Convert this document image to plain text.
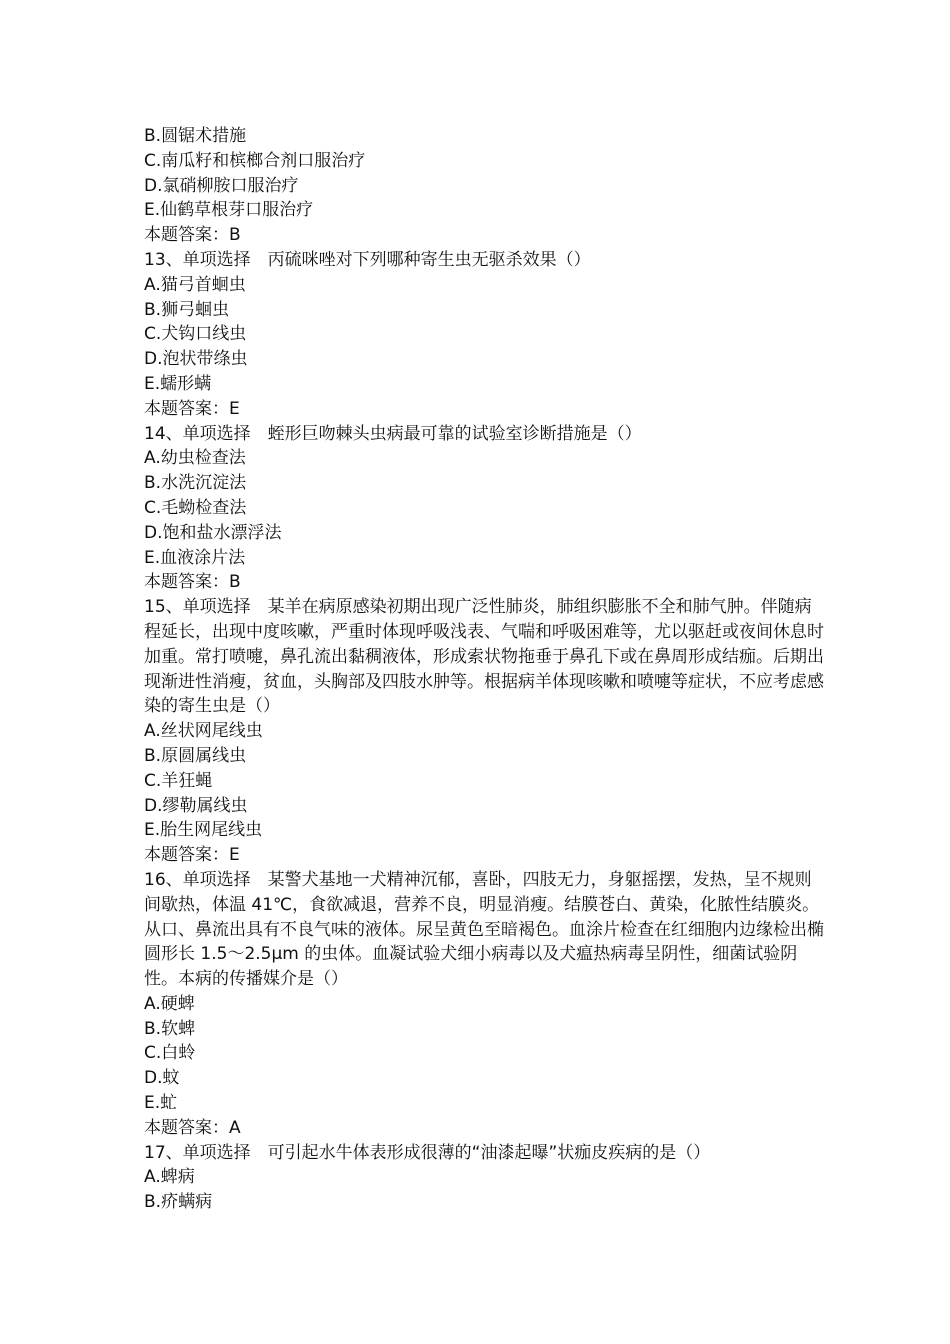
B.圆锯术措施
C.南瓜籽和槟榔合剂口服治疗
D.氯硝柳胺口服治疗
E.仙鹤草根芽口服治疗
本题答案：B
13、单项选择　丙硫咪唑对下列哪种寄生虫无驱杀效果（）
A.猫弓首蛔虫
B.狮弓蛔虫
C.犬钩口线虫
D.泡状带绦虫
E.蠕形螨
本题答案：E
14、单项选择　蛭形巨吻棘头虫病最可靠的试验室诊断措施是（）
A.幼虫检查法
B.水洗沉淀法
C.毛蚴检查法
D.饱和盐水漂浮法
E.血液涂片法
本题答案：B
15、单项选择　某羊在病原感染初期出现广泛性肺炎，肺组织膨胀不全和肺气肿。伴随病程延长，出现中度咳嗽，严重时体现呼吸浅表、气喘和呼吸困难等，尤以驱赶或夜间休息时加重。常打喷嚏，鼻孔流出黏稠液体，形成索状物拖垂于鼻孔下或在鼻周形成结痂。后期出现渐进性消瘦，贫血，头胸部及四肢水肿等。根据病羊体现咳嗽和喷嚏等症状，不应考虑感染的寄生虫是（）
A.丝状网尾线虫
B.原圆属线虫
C.羊狂蝇
D.缪勒属线虫
E.胎生网尾线虫
本题答案：E
16、单项选择　某警犬基地一犬精神沉郁，喜卧，四肢无力，身躯摇摆，发热，呈不规则间歇热，体温 41℃，食欲减退，营养不良，明显消瘦。结膜苍白、黄染，化脓性结膜炎。从口、鼻流出具有不良气味的液体。尿呈黄色至暗褐色。血涂片检查在红细胞内边缘检出椭圆形长 1.5～2.5μm 的虫体。血凝试验犬细小病毒以及犬瘟热病毒呈阴性，细菌试验阴性。本病的传播媒介是（）
A.硬蜱
B.软蜱
C.白蛉
D.蚊
E.虻
本题答案：A
17、单项选择　可引起水牛体表形成很薄的“油漆起曝”状痂皮疾病的是（）
A.蜱病
B.疥螨病
